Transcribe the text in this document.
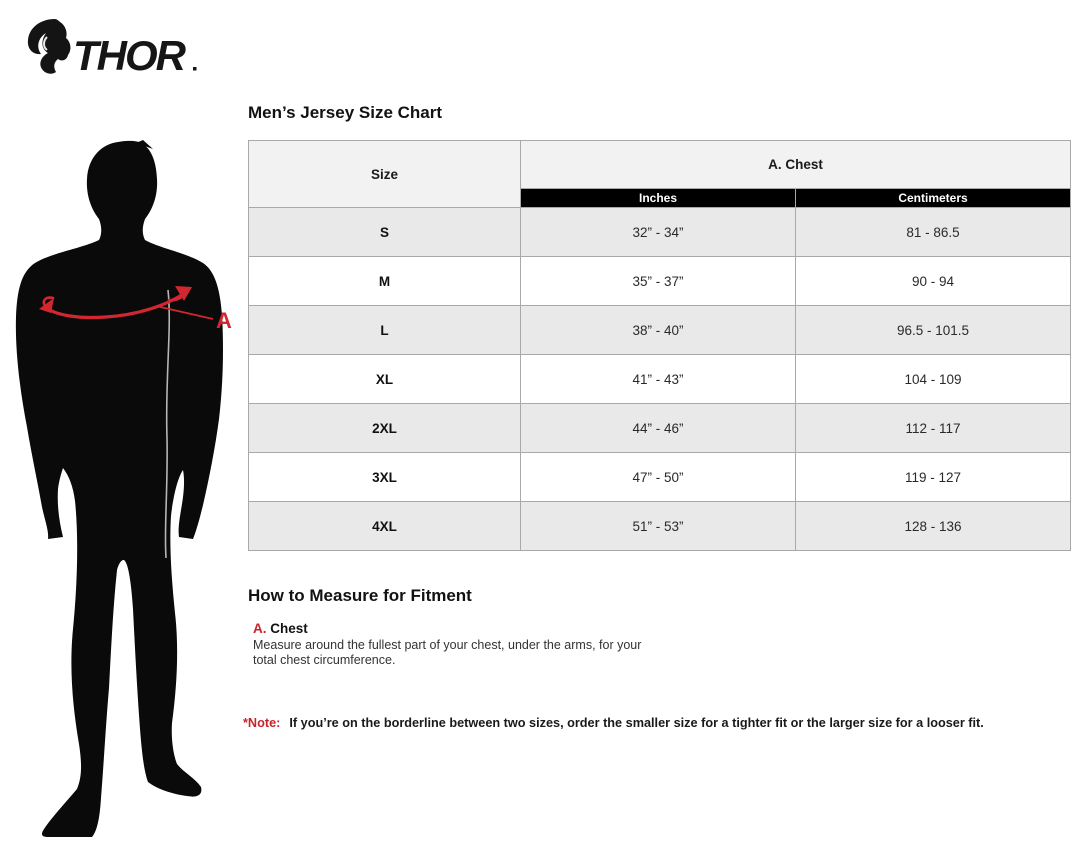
THOR
A
Men’s Jersey Size Chart
Size	A. Chest	
	Inches	Centimeters
S	32” - 34”	81 - 86.5
M	35” - 37”	90 - 94
L	38” - 40”	96.5 - 101.5
XL	41” - 43”	104 - 109
2XL	44” - 46”	112 - 117
3XL	47” - 50”	119 - 127
4XL	51” - 53”	128 - 136
How to Measure for Fitment
A. Chest
Measure around the fullest part of your chest, under the arms, for your total chest circumference.
*Note: If you’re on the borderline between two sizes, order the smaller size for a tighter fit or the larger size for a looser fit.
